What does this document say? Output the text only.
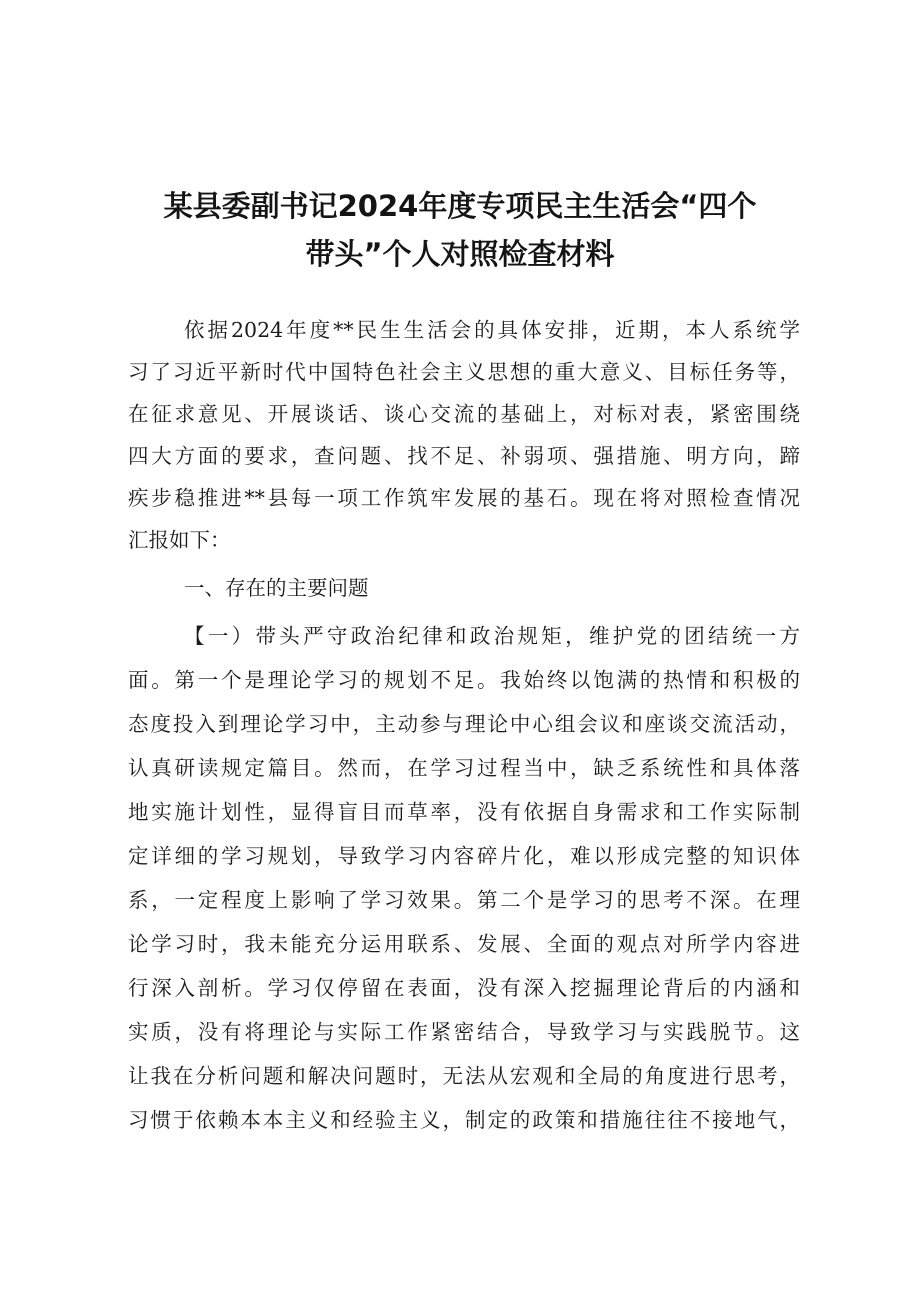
某县委副书记2024年度专项民主生活会“四个
带头”个人对照检查材料
依据2024年度**民生生活会的具体安排，近期，本人系统学
习了习近平新时代中国特色社会主义思想的重大意义、目标任务等，
在征求意见、开展谈话、谈心交流的基础上，对标对表，紧密围绕
四大方面的要求，查问题、找不足、补弱项、强措施、明方向，蹄
疾步稳推进**县每一项工作筑牢发展的基石。现在将对照检查情况
汇报如下：
一、存在的主要问题
【一）带头严守政治纪律和政治规矩，维护党的团结统一方
面。第一个是理论学习的规划不足。我始终以饱满的热情和积极的
态度投入到理论学习中，主动参与理论中心组会议和座谈交流活动，
认真研读规定篇目。然而，在学习过程当中，缺乏系统性和具体落
地实施计划性，显得盲目而草率，没有依据自身需求和工作实际制
定详细的学习规划，导致学习内容碎片化，难以形成完整的知识体
系，一定程度上影响了学习效果。第二个是学习的思考不深。在理
论学习时，我未能充分运用联系、发展、全面的观点对所学内容进
行深入剖析。学习仅停留在表面，没有深入挖掘理论背后的内涵和
实质，没有将理论与实际工作紧密结合，导致学习与实践脱节。这
让我在分析问题和解决问题时，无法从宏观和全局的角度进行思考，
习惯于依赖本本主义和经验主义，制定的政策和措施往往不接地气，
